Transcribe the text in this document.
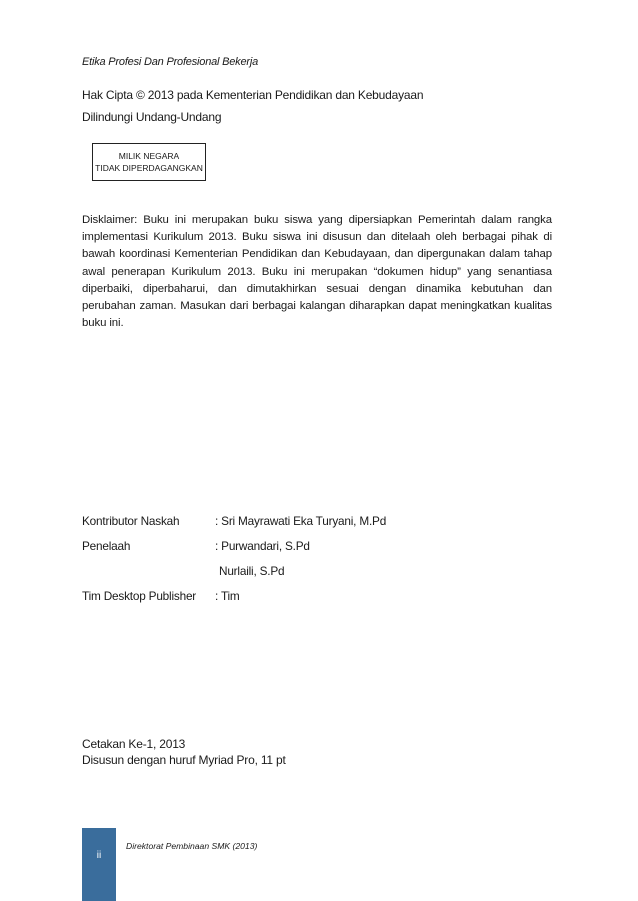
Etika Profesi Dan Profesional Bekerja
Hak Cipta © 2013 pada Kementerian Pendidikan dan Kebudayaan
Dilindungi Undang-Undang
MILIK NEGARA
TIDAK DIPERDAGANGKAN
Disklaimer: Buku ini merupakan buku siswa yang dipersiapkan Pemerintah dalam rangka implementasi Kurikulum 2013. Buku siswa ini disusun dan ditelaah oleh berbagai pihak di bawah koordinasi Kementerian Pendidikan dan Kebudayaan, dan dipergunakan dalam tahap awal penerapan Kurikulum 2013. Buku ini merupakan “dokumen hidup” yang senantiasa diperbaiki, diperbaharui, dan dimutakhirkan sesuai dengan dinamika kebutuhan dan perubahan zaman. Masukan dari berbagai kalangan diharapkan dapat meningkatkan kualitas buku ini.
Kontributor Naskah	: Sri Mayrawati Eka Turyani, M.Pd
Penelaah	: Purwandari, S.Pd
Nurlaili, S.Pd
Tim Desktop Publisher : Tim
Cetakan Ke-1, 2013
Disusun dengan huruf Myriad Pro, 11 pt
ii
Direktorat Pembinaan SMK (2013)
